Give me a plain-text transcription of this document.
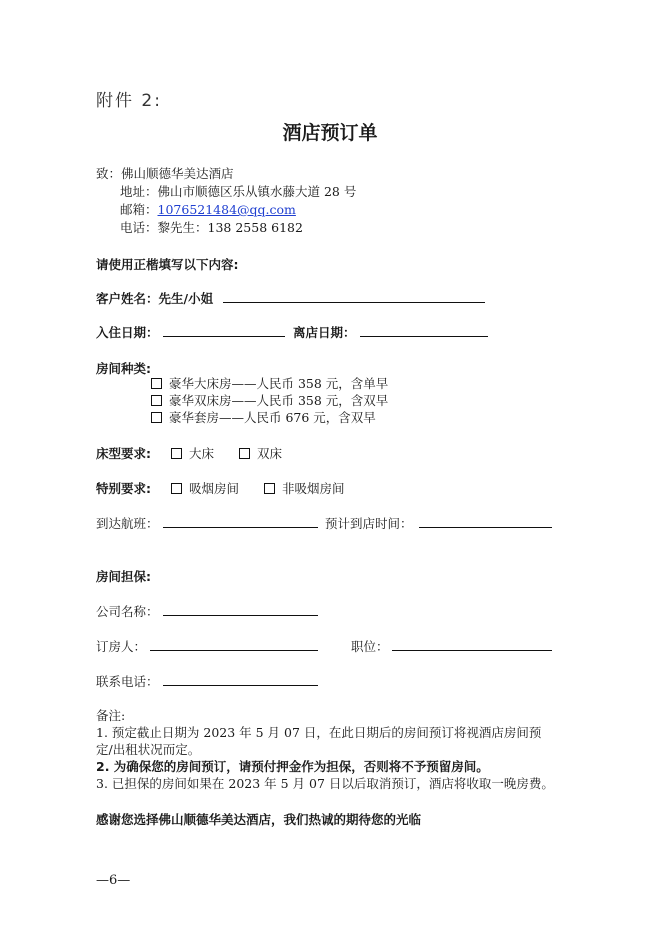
附件 2:
酒店预订单
致：佛山顺德华美达酒店
地址：佛山市顺德区乐从镇水藤大道 28 号
邮箱：1076521484@qq.com
电话：黎先生：138 2558 6182
请使用正楷填写以下内容:
客户姓名：先生/小姐
入住日期：	离店日期：
房间种类:
豪华大床房——人民币 358 元，含单早
豪华双床房——人民币 358 元，含双早
豪华套房——人民币 676 元，含双早
床型要求:	大床	双床
特别要求:	吸烟房间	非吸烟房间
到达航班：	预计到店时间：
房间担保:
公司名称：
订房人：	职位：
联系电话：
备注:
1. 预定截止日期为 2023 年 5 月 07 日，在此日期后的房间预订将视酒店房间预
定/出租状况而定。
2. 为确保您的房间预订，请预付押金作为担保，否则将不予预留房间。
3. 已担保的房间如果在 2023 年 5 月 07 日以后取消预订，酒店将收取一晚房费。
感谢您选择佛山顺德华美达酒店，我们热诚的期待您的光临
—6—
